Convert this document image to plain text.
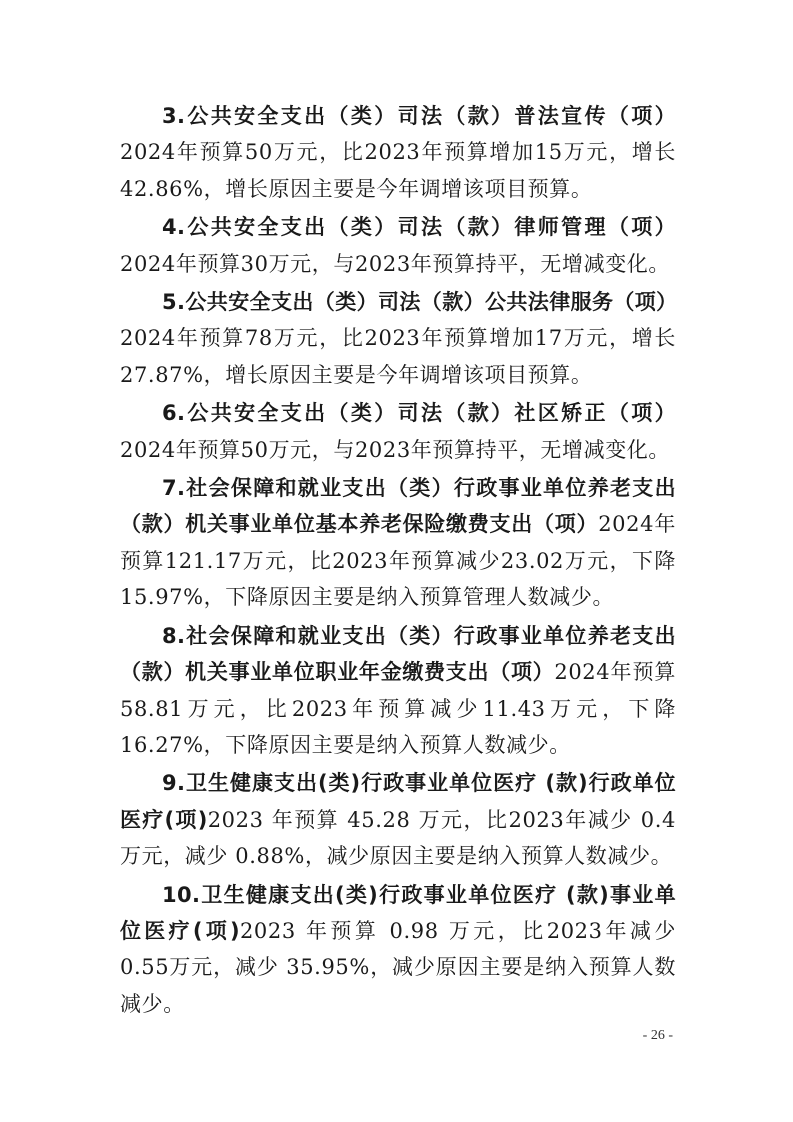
3.公共安全支出（类）司法（款）普法宣传（项）2024年预算50万元，比2023年预算增加15万元，增长42.86%，增长原因主要是今年调增该项目预算。

4.公共安全支出（类）司法（款）律师管理（项）2024年预算30万元，与2023年预算持平，无增减变化。

5.公共安全支出（类）司法（款）公共法律服务（项）2024年预算78万元，比2023年预算增加17万元，增长27.87%，增长原因主要是今年调增该项目预算。

6.公共安全支出（类）司法（款）社区矫正（项）2024年预算50万元，与2023年预算持平，无增减变化。

7.社会保障和就业支出（类）行政事业单位养老支出（款）机关事业单位基本养老保险缴费支出（项）2024年预算121.17万元，比2023年预算减少23.02万元，下降15.97%，下降原因主要是纳入预算管理人数减少。

8.社会保障和就业支出（类）行政事业单位养老支出（款）机关事业单位职业年金缴费支出（项）2024年预算58.81万元，比2023年预算减少11.43万元，下降16.27%，下降原因主要是纳入预算人数减少。

9.卫生健康支出(类)行政事业单位医疗 (款)行政单位医疗(项)2023 年预算 45.28 万元，比2023年减少 0.4万元，减少 0.88%，减少原因主要是纳入预算人数减少。

10.卫生健康支出(类)行政事业单位医疗 (款)事业单位医疗(项)2023 年预算 0.98 万元，比2023年减少 0.55万元，减少 35.95%，减少原因主要是纳入预算人数减少。

- 26 -
